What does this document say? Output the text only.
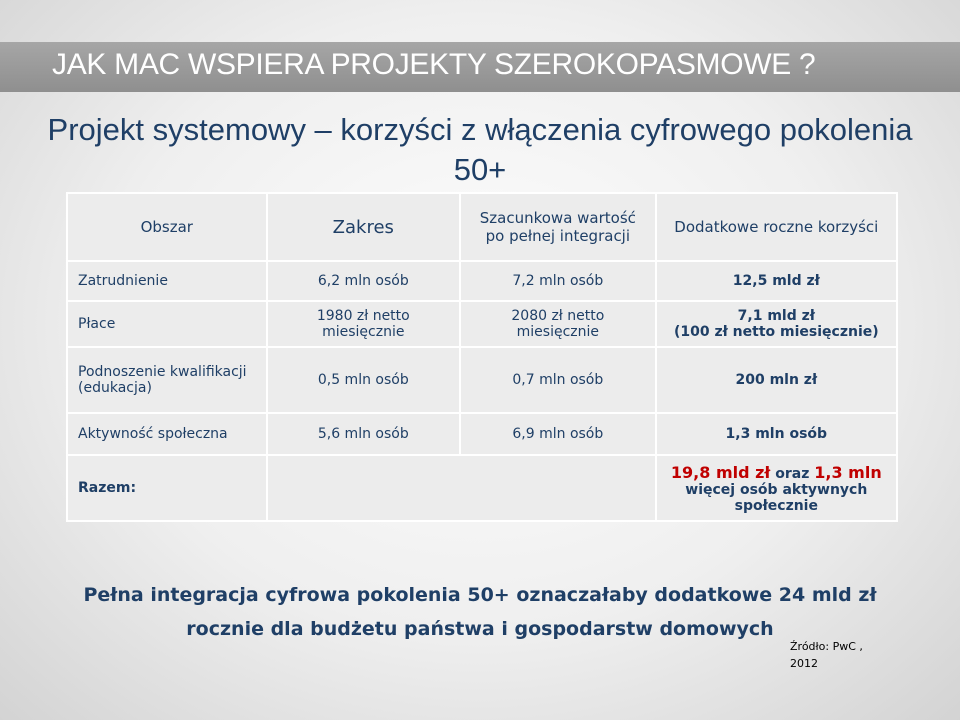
JAK MAC WSPIERA PROJEKTY SZEROKOPASMOWE ?
Projekt systemowy – korzyści z włączenia cyfrowego pokolenia
50+
Obszar	Zakres	Szacunkowa wartość po pełnej integracji	Dodatkowe roczne korzyści
Zatrudnienie	6,2 mln osób	7,2 mln osób	12,5 mld zł
Płace	1980 zł netto miesięcznie	2080 zł netto miesięcznie	7,1 mld zł
(100 zł netto miesięcznie)

Podnoszenie kwalifikacji (edukacja)	0,5 mln osób	0,7 mln osób	200 mln zł
Aktywność społeczna	5,6 mln osób	6,9 mln osób	1,3 mln osób
Razem:			19,8 mld zł oraz 1,3 mln
więcej osób aktywnych społecznie
Pełna integracja cyfrowa pokolenia 50+ oznaczałaby dodatkowe 24 mld zł rocznie dla budżetu państwa i gospodarstw domowych
Źródło: PwC , 2012
